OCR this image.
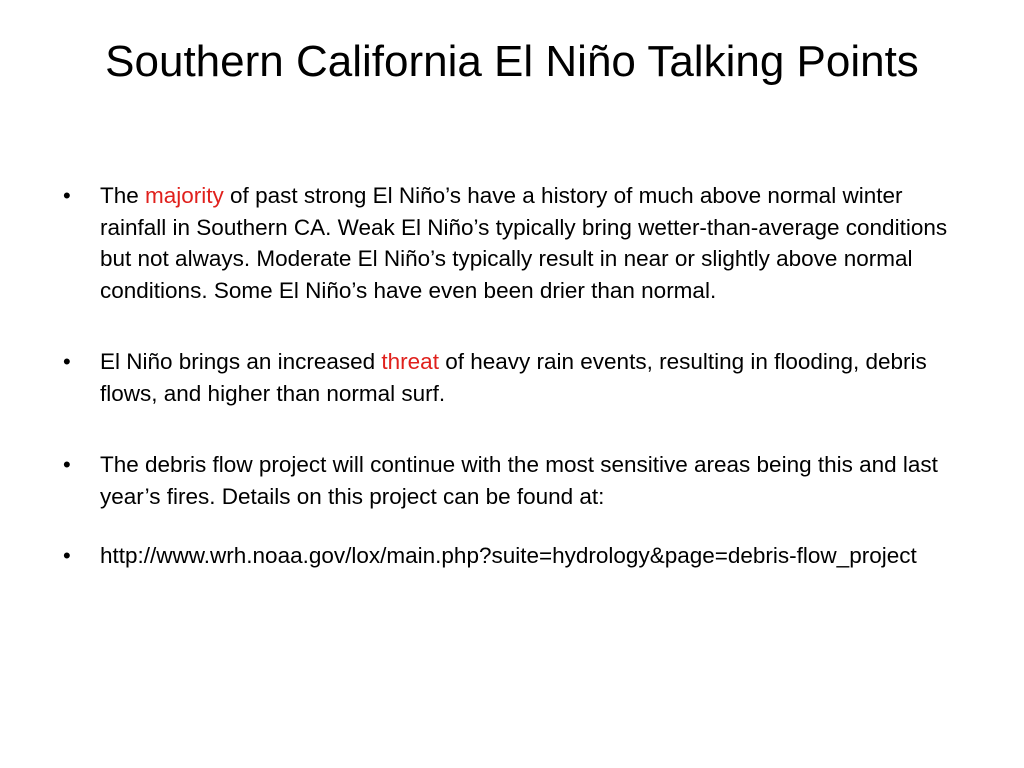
Southern California El Niño Talking Points
• The majority of past strong El Niño’s have a history of much above normal winter rainfall in Southern CA. Weak El Niño’s typically bring wetter-than-average conditions but not always. Moderate El Niño’s typically result in near or slightly above normal conditions. Some El Niño’s have even been drier than normal.
• El Niño brings an increased threat of heavy rain events, resulting in flooding, debris flows, and higher than normal surf.
• The debris flow project will continue with the most sensitive areas being this and last year’s fires. Details on this project can be found at:
• http://www.wrh.noaa.gov/lox/main.php?suite=hydrology&page=debris-flow_project
